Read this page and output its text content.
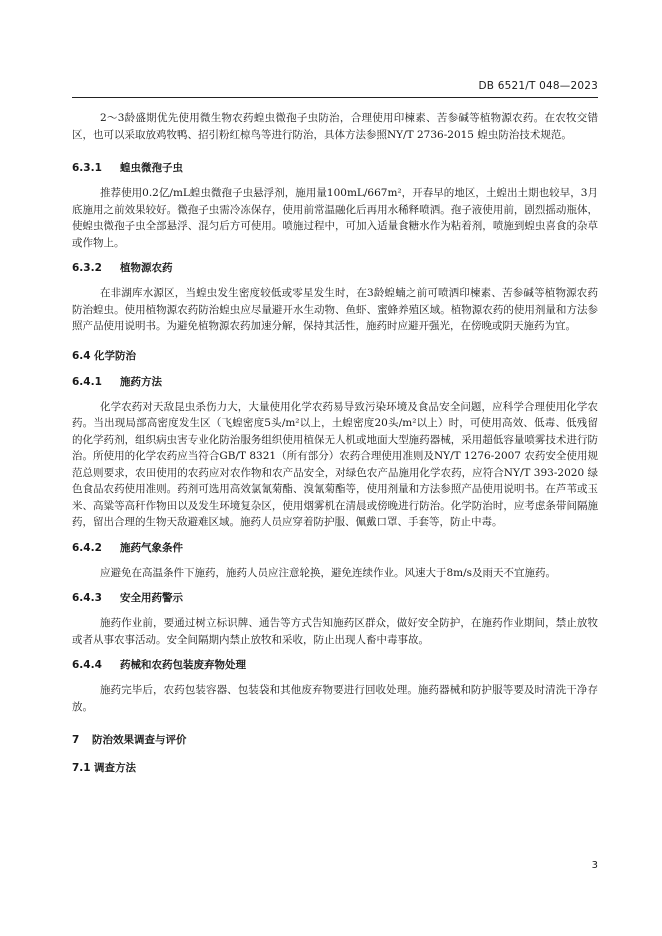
DB 6521/T 048—2023

2～3龄盛期优先使用微生物农药蝗虫微孢子虫防治，合理使用印楝素、苦参碱等植物源农药。在农牧交错区，也可以采取放鸡牧鸭、招引粉红椋鸟等进行防治，具体方法参照NY/T 2736-2015 蝗虫防治技术规范。

6.3.1 蝗虫微孢子虫

推荐使用0.2亿/mL蝗虫微孢子虫悬浮剂，施用量100mL/667m²，开春早的地区，土蝗出土期也较早，3月底施用之前效果较好。微孢子虫需冷冻保存，使用前常温融化后再用水稀释喷洒。孢子液使用前，剧烈摇动瓶体，使蝗虫微孢子虫全部悬浮、混匀后方可使用。喷施过程中，可加入适量食糖水作为粘着剂，喷施到蝗虫喜食的杂草或作物上。

6.3.2 植物源农药

在非湖库水源区，当蝗虫发生密度较低或零星发生时，在3龄蝗蝻之前可喷洒印楝素、苦参碱等植物源农药防治蝗虫。使用植物源农药防治蝗虫应尽量避开水生动物、鱼虾、蜜蜂养殖区域。植物源农药的使用剂量和方法参照产品使用说明书。为避免植物源农药加速分解，保持其活性，施药时应避开强光，在傍晚或阴天施药为宜。

6.4 化学防治
6.4.1 施药方法

化学农药对天敌昆虫杀伤力大，大量使用化学农药易导致污染环境及食品安全问题，应科学合理使用化学农药。当出现局部高密度发生区（飞蝗密度5头/m²以上，土蝗密度20头/m²以上）时，可使用高效、低毒、低残留的化学药剂，组织病虫害专业化防治服务组织使用植保无人机或地面大型施药器械，采用超低容量喷雾技术进行防治。所使用的化学农药应当符合GB/T 8321（所有部分）农药合理使用准则及NY/T 1276-2007 农药安全使用规范总则要求，农田使用的农药应对农作物和农产品安全，对绿色农产品施用化学农药，应符合NY/T 393-2020 绿色食品农药使用准则。药剂可选用高效氯氰菊酯、溴氰菊酯等，使用剂量和方法参照产品使用说明书。在芦苇或玉米、高粱等高秆作物田以及发生环境复杂区，使用烟雾机在清晨或傍晚进行防治。化学防治时，应考虑条带间隔施药，留出合理的生物天敌避难区域。施药人员应穿着防护服、佩戴口罩、手套等，防止中毒。

6.4.2 施药气象条件

应避免在高温条件下施药，施药人员应注意轮换，避免连续作业。风速大于8m/s及雨天不宜施药。

6.4.3 安全用药警示

施药作业前，要通过树立标识牌、通告等方式告知施药区群众，做好安全防护，在施药作业期间，禁止放牧或者从事农事活动。安全间隔期内禁止放牧和采收，防止出现人畜中毒事故。

6.4.4 药械和农药包装废弃物处理

施药完毕后，农药包装容器、包装袋和其他废弃物要进行回收处理。施药器械和防护服等要及时清洗干净存放。

7 防治效果调查与评价
7.1 调查方法
3
